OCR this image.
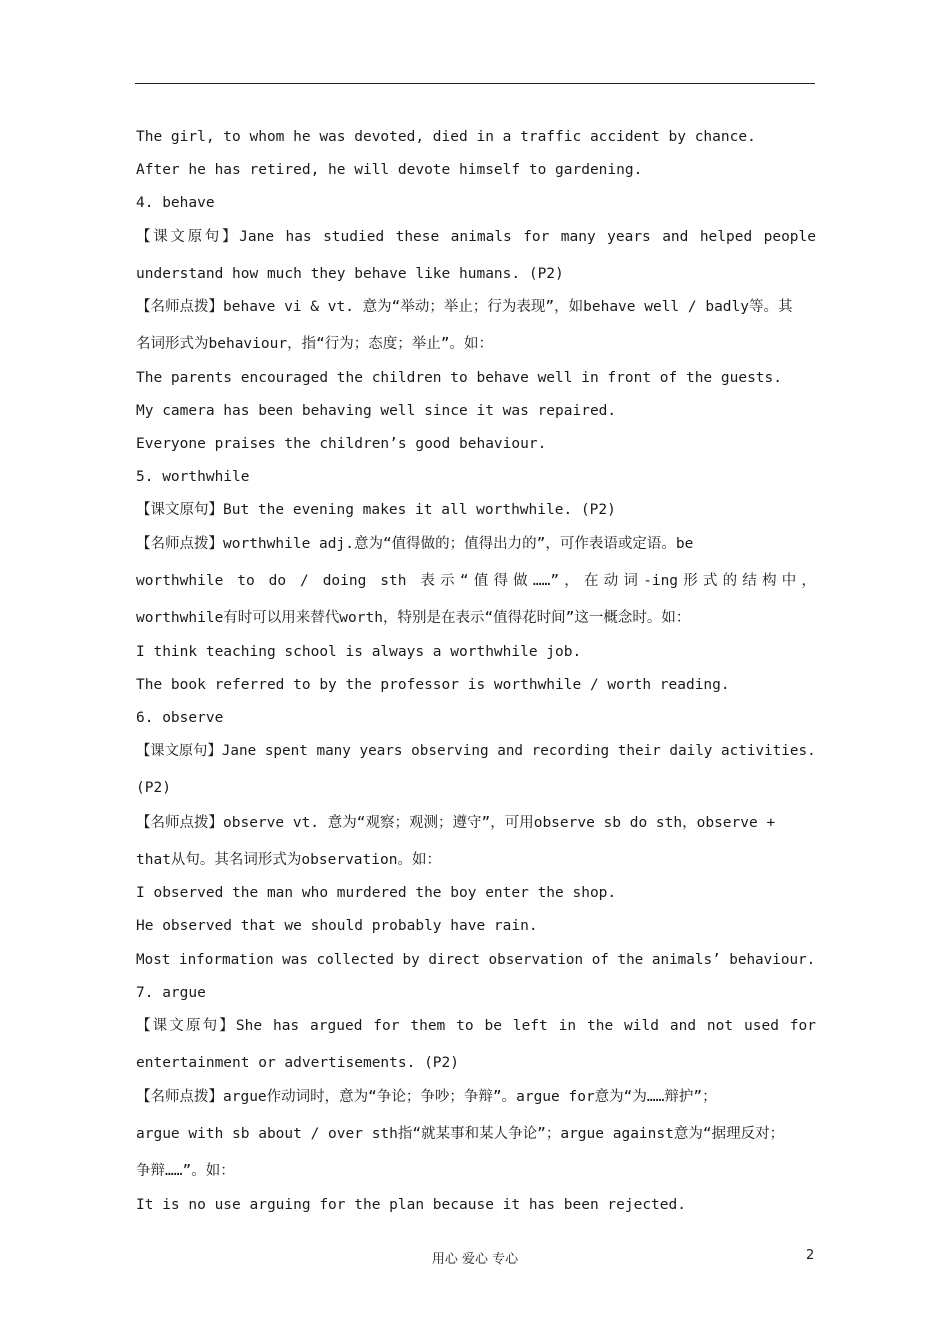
The girl, to whom he was devoted, died in a traffic accident by chance.
After he has retired, he will devote himself to gardening.
4. behave
【课文原句】Jane has studied these animals for many years and helped people
understand how much they behave like humans. (P2)
【名师点拨】behave vi & vt. 意为“举动；举止；行为表现”，如behave well / badly等。其
名词形式为behaviour，指“行为；态度；举止”。如：
The parents encouraged the children to behave well in front of the guests.
My camera has been behaving well since it was repaired.
Everyone praises the children’s good behaviour.
5. worthwhile
【课文原句】But the evening makes it all worthwhile. (P2)
【名师点拨】worthwhile adj.意为“值得做的；值得出力的”，可作表语或定语。be
worthwhile to do / doing sth 表示“值得做……”，在动词-ing形式的结构中，
worthwhile有时可以用来替代worth，特别是在表示“值得花时间”这一概念时。如：
I think teaching school is always a worthwhile job.
The book referred to by the professor is worthwhile / worth reading.
6. observe
【课文原句】Jane spent many years observing and recording their daily activities.
(P2)
【名师点拨】observe vt. 意为“观察；观测；遵守”，可用observe sb do sth，observe +
that从句。其名词形式为observation。如：
I observed the man who murdered the boy enter the shop.
He observed that we should probably have rain.
Most information was collected by direct observation of the animals’ behaviour.
7. argue
【课文原句】She has argued for them to be left in the wild and not used for
entertainment or advertisements. (P2)
【名师点拨】argue作动词时，意为“争论；争吵；争辩”。argue for意为“为……辩护”；
argue with sb about / over sth指“就某事和某人争论”；argue against意为“据理反对；
争辩……”。如：
It is no use arguing for the plan because it has been rejected.
用心 爱心 专心	2
